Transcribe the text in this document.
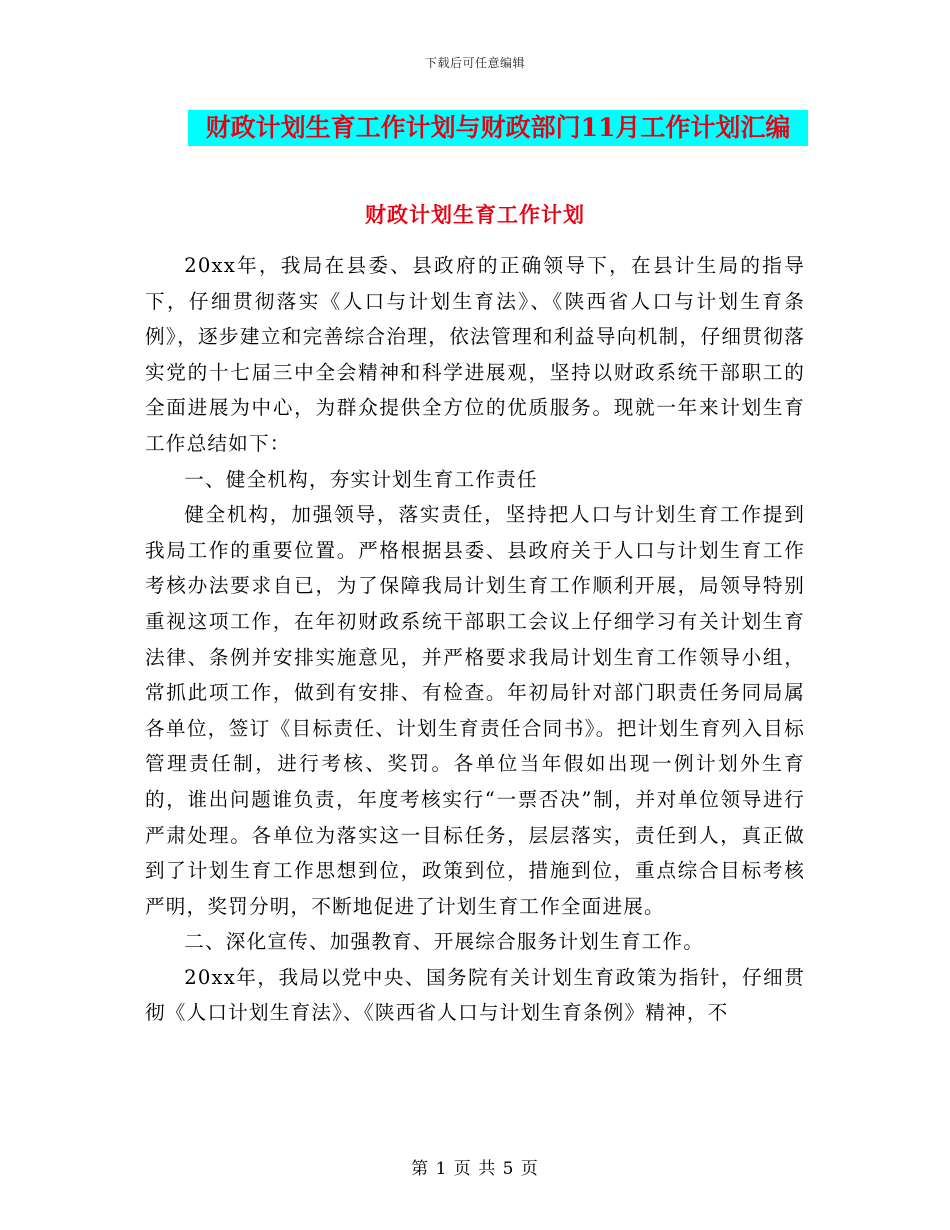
下载后可任意编辑
财政计划生育工作计划与财政部门11月工作计划汇编
财政计划生育工作计划

20xx年，我局在县委、县政府的正确领导下，在县计生局的指导下，仔细贯彻落实《人口与计划生育法》、《陕西省人口与计划生育条例》，逐步建立和完善综合治理，依法管理和利益导向机制，仔细贯彻落实党的十七届三中全会精神和科学进展观，坚持以财政系统干部职工的全面进展为中心，为群众提供全方位的优质服务。现就一年来计划生育工作总结如下：

一、健全机构，夯实计划生育工作责任

健全机构，加强领导，落实责任，坚持把人口与计划生育工作提到我局工作的重要位置。严格根据县委、县政府关于人口与计划生育工作考核办法要求自已，为了保障我局计划生育工作顺利开展，局领导特别重视这项工作，在年初财政系统干部职工会议上仔细学习有关计划生育法律、条例并安排实施意见，并严格要求我局计划生育工作领导小组，常抓此项工作，做到有安排、有检查。年初局针对部门职责任务同局属各单位，签订《目标责任、计划生育责任合同书》。把计划生育列入目标管理责任制，进行考核、奖罚。各单位当年假如出现一例计划外生育的，谁出问题谁负责，年度考核实行“一票否决”制，并对单位领导进行严肃处理。各单位为落实这一目标任务，层层落实，责任到人，真正做到了计划生育工作思想到位，政策到位，措施到位，重点综合目标考核严明，奖罚分明，不断地促进了计划生育工作全面进展。

二、深化宣传、加强教育、开展综合服务计划生育工作。

20xx年，我局以党中央、国务院有关计划生育政策为指针，仔细贯彻《人口计划生育法》、《陕西省人口与计划生育条例》精神，不

第 1 页 共 5 页
